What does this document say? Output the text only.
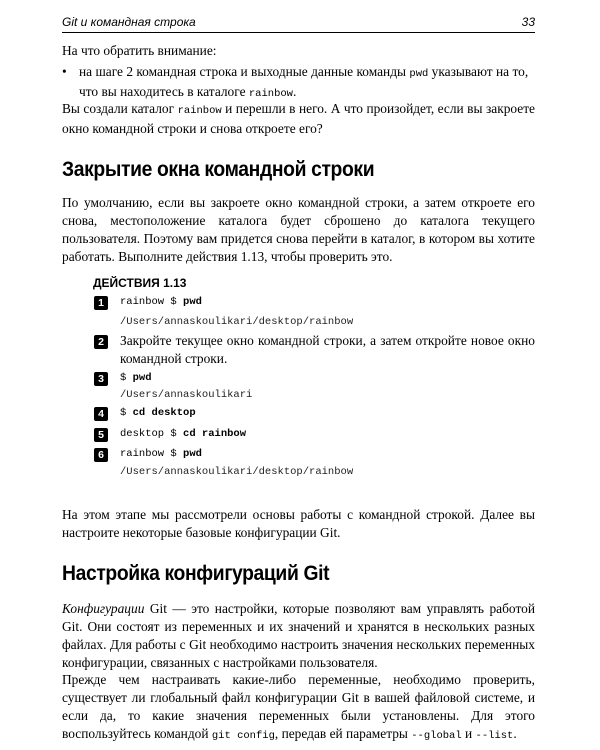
Git и командная строка	33
На что обратить внимание:
• на шаге 2 командная строка и выходные данные команды pwd указывают на то, что вы находитесь в каталоге rainbow.
Вы создали каталог rainbow и перешли в него. А что произойдет, если вы закроете окно командной строки и снова откроете его?
Закрытие окна командной строки
По умолчанию, если вы закроете окно командной строки, а затем откроете его снова, местоположение каталога будет сброшено до каталога текущего пользователя. Поэтому вам придется снова перейти в каталог, в котором вы хотите работать. Выполните действия 1.13, чтобы проверить это.
ДЕЙСТВИЯ 1.13
1	rainbow $ pwd
/Users/annaskoulikari/desktop/rainbow
2	Закройте текущее окно командной строки, а затем откройте новое окно командной строки.
3	$ pwd
/Users/annaskoulikari
4	$ cd desktop
5	desktop $ cd rainbow
6	rainbow $ pwd
/Users/annaskoulikari/desktop/rainbow
На этом этапе мы рассмотрели основы работы с командной строкой. Далее вы настроите некоторые базовые конфигурации Git.
Настройка конфигураций Git
Конфигурации Git — это настройки, которые позволяют вам управлять работой Git. Они состоят из переменных и их значений и хранятся в нескольких разных файлах. Для работы с Git необходимо настроить значения нескольких переменных конфигурации, связанных с настройками пользователя.
Прежде чем настраивать какие-либо переменные, необходимо проверить, существует ли глобальный файл конфигурации Git в вашей файловой системе, и если да, то какие значения переменных были установлены. Для этого воспользуйтесь командой git config, передав ей параметры --global и --list.
